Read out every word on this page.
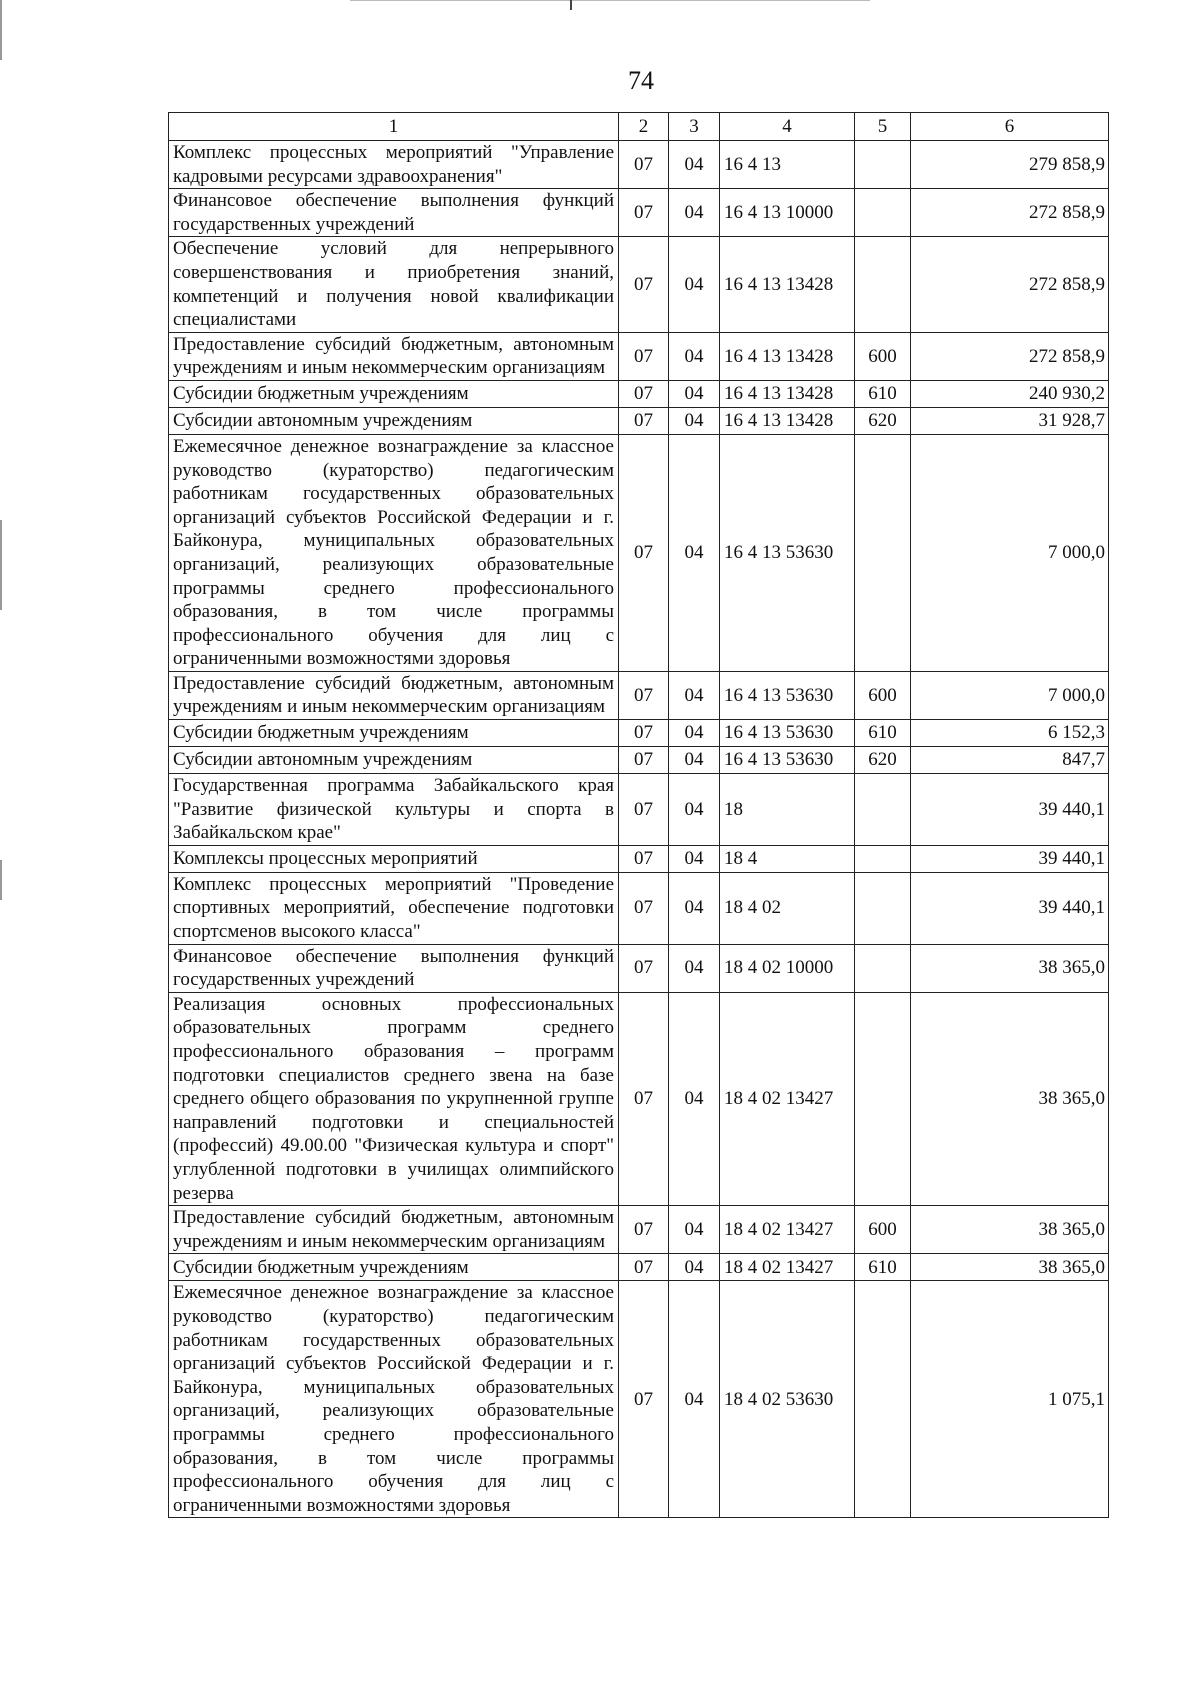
74
1	2	3	4	5	6
Комплекс процессных мероприятий "Управление кадровыми ресурсами здравоохранения"	07	04	16 4 13		279 858,9
Финансовое обеспечение выполнения функций государственных учреждений	07	04	16 4 13 10000		272 858,9
Обеспечение условий для непрерывного совершенствования и приобретения знаний, компетенций и получения новой квалификации специалистами	07	04	16 4 13 13428		272 858,9
Предоставление субсидий бюджетным, автономным учреждениям и иным некоммерческим организациям	07	04	16 4 13 13428	600	272 858,9
Субсидии бюджетным учреждениям	07	04	16 4 13 13428	610	240 930,2
Субсидии автономным учреждениям	07	04	16 4 13 13428	620	31 928,7
Ежемесячное денежное вознаграждение за классное руководство (кураторство) педагогическим работникам государственных образовательных организаций субъектов Российской Федерации и г. Байконура, муниципальных образовательных организаций, реализующих образовательные программы среднего профессионального образования, в том числе программы профессионального обучения для лиц с ограниченными возможностями здоровья	07	04	16 4 13 53630		7 000,0
Предоставление субсидий бюджетным, автономным учреждениям и иным некоммерческим организациям	07	04	16 4 13 53630	600	7 000,0
Субсидии бюджетным учреждениям	07	04	16 4 13 53630	610	6 152,3
Субсидии автономным учреждениям	07	04	16 4 13 53630	620	847,7
Государственная программа Забайкальского края "Развитие физической культуры и спорта в Забайкальском крае"	07	04	18		39 440,1
Комплексы процессных мероприятий	07	04	18 4		39 440,1
Комплекс процессных мероприятий "Проведение спортивных мероприятий, обеспечение подготовки спортсменов высокого класса"	07	04	18 4 02		39 440,1
Финансовое обеспечение выполнения функций государственных учреждений	07	04	18 4 02 10000		38 365,0
Реализация основных профессиональных образовательных программ среднего профессионального образования – программ подготовки специалистов среднего звена на базе среднего общего образования по укрупненной группе направлений подготовки и специальностей (профессий) 49.00.00 "Физическая культура и спорт" углубленной подготовки в училищах олимпийского резерва	07	04	18 4 02 13427		38 365,0
Предоставление субсидий бюджетным, автономным учреждениям и иным некоммерческим организациям	07	04	18 4 02 13427	600	38 365,0
Субсидии бюджетным учреждениям	07	04	18 4 02 13427	610	38 365,0
Ежемесячное денежное вознаграждение за классное руководство (кураторство) педагогическим работникам государственных образовательных организаций субъектов Российской Федерации и г. Байконура, муниципальных образовательных организаций, реализующих образовательные программы среднего профессионального образования, в том числе программы профессионального обучения для лиц с ограниченными возможностями здоровья	07	04	18 4 02 53630		1 075,1
